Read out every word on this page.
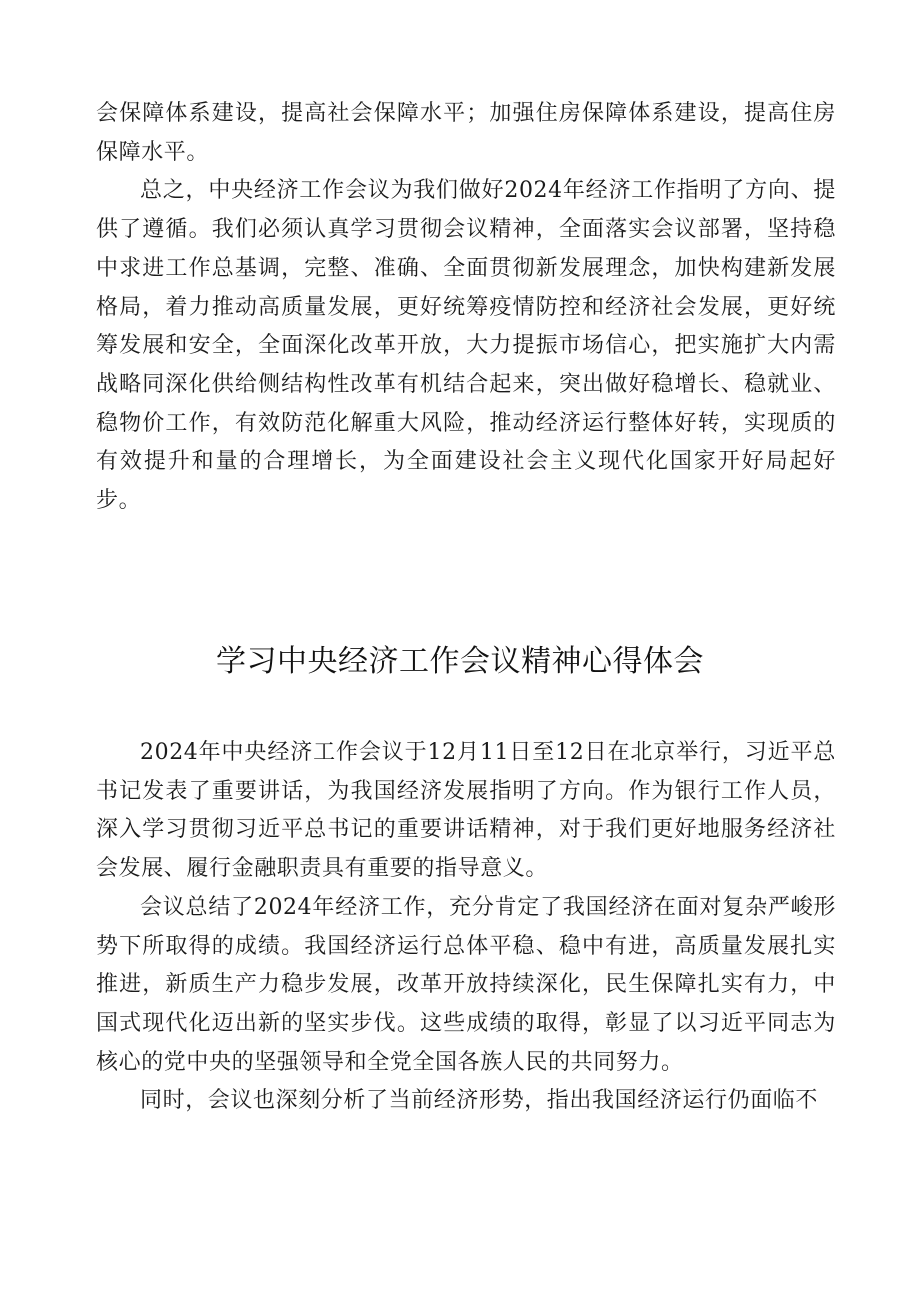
会保障体系建设，提高社会保障水平；加强住房保障体系建设，提高住房保障水平。

总之，中央经济工作会议为我们做好2024年经济工作指明了方向、提供了遵循。我们必须认真学习贯彻会议精神，全面落实会议部署，坚持稳中求进工作总基调，完整、准确、全面贯彻新发展理念，加快构建新发展格局，着力推动高质量发展，更好统筹疫情防控和经济社会发展，更好统筹发展和安全，全面深化改革开放，大力提振市场信心，把实施扩大内需战略同深化供给侧结构性改革有机结合起来，突出做好稳增长、稳就业、稳物价工作，有效防范化解重大风险，推动经济运行整体好转，实现质的有效提升和量的合理增长，为全面建设社会主义现代化国家开好局起好步。

学习中央经济工作会议精神心得体会

2024年中央经济工作会议于12月11日至12日在北京举行，习近平总书记发表了重要讲话，为我国经济发展指明了方向。作为银行工作人员，深入学习贯彻习近平总书记的重要讲话精神，对于我们更好地服务经济社会发展、履行金融职责具有重要的指导意义。

会议总结了2024年经济工作，充分肯定了我国经济在面对复杂严峻形势下所取得的成绩。我国经济运行总体平稳、稳中有进，高质量发展扎实推进，新质生产力稳步发展，改革开放持续深化，民生保障扎实有力，中国式现代化迈出新的坚实步伐。这些成绩的取得，彰显了以习近平同志为核心的党中央的坚强领导和全党全国各族人民的共同努力。

同时，会议也深刻分析了当前经济形势，指出我国经济运行仍面临不
